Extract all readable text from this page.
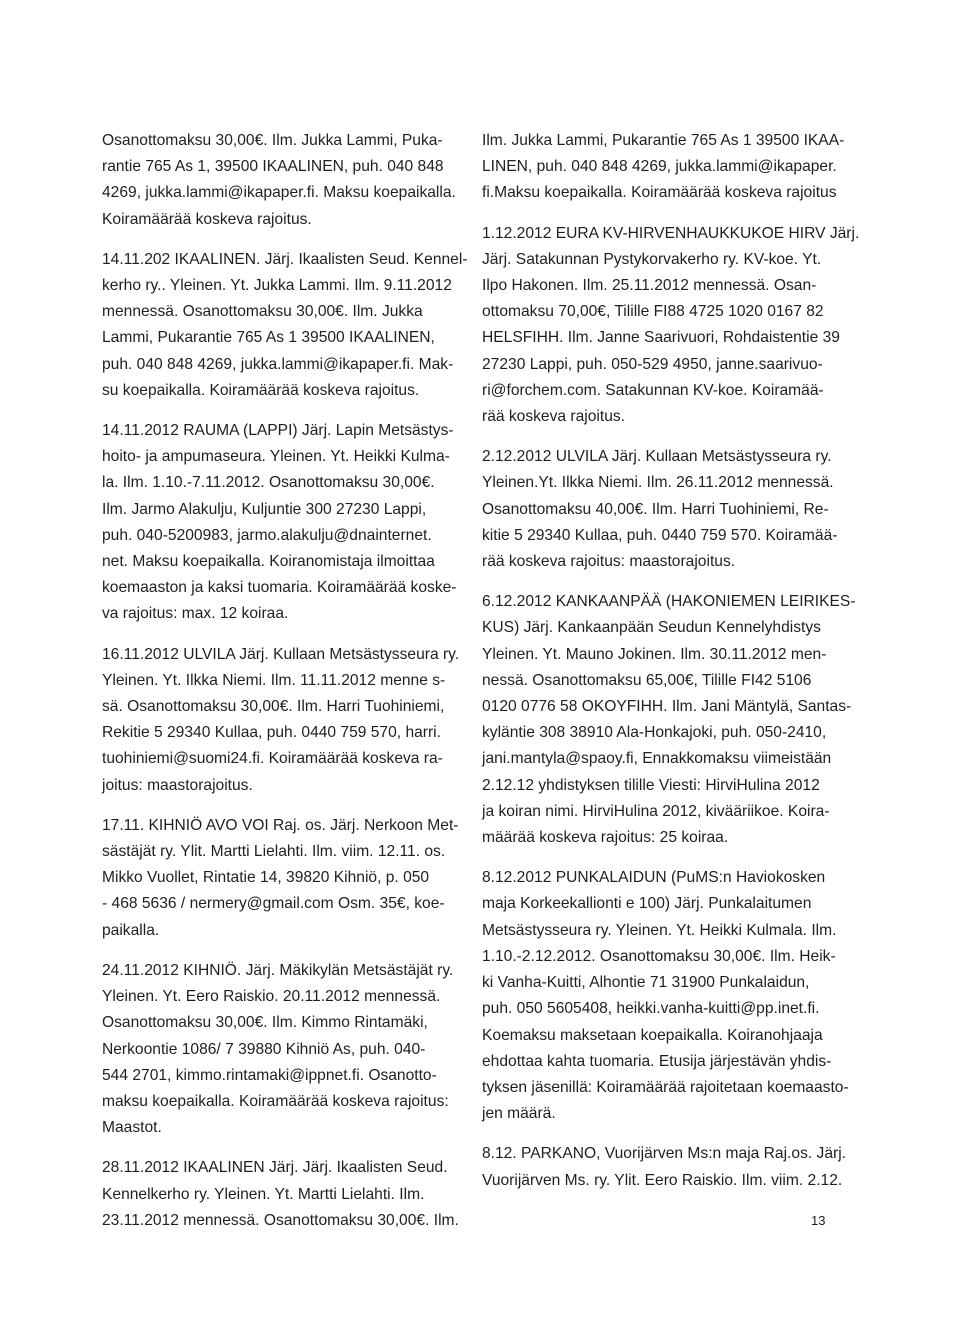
Osanottomaksu 30,00€. Ilm. Jukka Lammi, Puka-
rantie 765 As 1, 39500 IKAALINEN, puh. 040 848
4269, jukka.lammi@ikapaper.fi. Maksu koepaikalla.
Koiramäärää koskeva rajoitus.
14.11.202 IKAALINEN. Järj. Ikaalisten Seud. Kennel-
kerho ry.. Yleinen. Yt. Jukka Lammi. Ilm. 9.11.2012
mennessä. Osanottomaksu 30,00€. Ilm. Jukka
Lammi, Pukarantie 765 As 1 39500 IKAALINEN,
puh. 040 848 4269, jukka.lammi@ikapaper.fi. Mak-
su koepaikalla. Koiramäärää koskeva rajoitus.
14.11.2012 RAUMA (LAPPI) Järj. Lapin Metsästys-
hoito- ja ampumaseura. Yleinen. Yt. Heikki Kulma-
la. Ilm. 1.10.-7.11.2012. Osanottomaksu 30,00€.
Ilm. Jarmo Alakulju, Kuljuntie 300 27230 Lappi,
puh. 040-5200983, jarmo.alakulju@dnainternet.
net. Maksu koepaikalla. Koiranomistaja ilmoittaa
koemaaston ja kaksi tuomaria. Koiramäärää koske-
va rajoitus: max. 12 koiraa.
16.11.2012 ULVILA Järj. Kullaan Metsästysseura ry.
Yleinen. Yt. Ilkka Niemi. Ilm. 11.11.2012 menne s-
sä. Osanottomaksu 30,00€. Ilm. Harri Tuohiniemi,
Rekitie 5 29340 Kullaa, puh. 0440 759 570, harri.
tuohiniemi@suomi24.fi. Koiramäärää koskeva ra-
joitus: maastorajoitus.
17.11. KIHNIÖ AVO VOI Raj. os. Järj. Nerkoon Met-
sästäjät ry. Ylit. Martti Lielahti. Ilm. viim. 12.11. os.
Mikko Vuollet, Rintatie 14, 39820 Kihniö, p. 050
- 468 5636 / nermery@gmail.com Osm. 35€, koe-
paikalla.
24.11.2012 KIHNIÖ. Järj. Mäkikylän Metsästäjät ry.
Yleinen. Yt. Eero Raiskio. 20.11.2012 mennessä.
Osanottomaksu 30,00€. Ilm. Kimmo Rintamäki,
Nerkoontie 1086/ 7 39880 Kihniö As, puh. 040-
544 2701, kimmo.rintamaki@ippnet.fi. Osanotto-
maksu koepaikalla. Koiramäärää koskeva rajoitus:
Maastot.
28.11.2012 IKAALINEN Järj. Järj. Ikaalisten Seud.
Kennelkerho ry. Yleinen. Yt. Martti Lielahti. Ilm.
23.11.2012 mennessä. Osanottomaksu 30,00€. Ilm.
Ilm. Jukka Lammi, Pukarantie 765 As 1 39500 IKAA-
LINEN, puh. 040 848 4269, jukka.lammi@ikapaper.
fi.Maksu koepaikalla. Koiramäärää koskeva rajoitus
1.12.2012 EURA KV-HIRVENHAUKKUKOE HIRV Järj.
Järj. Satakunnan Pystykorvakerho ry. KV-koe. Yt.
Ilpo Hakonen. Ilm. 25.11.2012 mennessä. Osan-
ottomaksu 70,00€, Tilille FI88 4725 1020 0167 82
HELSFIHH. Ilm. Janne Saarivuori, Rohdaistentie 39
27230 Lappi, puh. 050-529 4950, janne.saarivuo-
ri@forchem.com. Satakunnan KV-koe. Koiramää-
rää koskeva rajoitus.
2.12.2012 ULVILA Järj. Kullaan Metsästysseura ry.
Yleinen.Yt. Ilkka Niemi. Ilm. 26.11.2012 mennessä.
Osanottomaksu 40,00€. Ilm. Harri Tuohiniemi, Re-
kitie 5 29340 Kullaa, puh. 0440 759 570. Koiramää-
rää koskeva rajoitus: maastorajoitus.
6.12.2012 KANKAANPÄÄ (HAKONIEMEN LEIRIKES-
KUS) Järj. Kankaanpään Seudun Kennelyhdistys
Yleinen. Yt. Mauno Jokinen. Ilm. 30.11.2012 men-
nessä. Osanottomaksu 65,00€, Tilille FI42 5106
0120 0776 58 OKOYFIHH. Ilm. Jani Mäntylä, Santas-
kyläntie 308 38910 Ala-Honkajoki, puh. 050-2410,
jani.mantyla@spaoy.fi, Ennakkomaksu viimeistään
2.12.12 yhdistyksen tilille Viesti: HirviHulina 2012
ja koiran nimi. HirviHulina 2012, kivääriikoe. Koira-
määrää koskeva rajoitus: 25 koiraa.
8.12.2012 PUNKALAIDUN (PuMS:n Haviokosken
maja Korkeekallionti e 100) Järj. Punkalaitumen
Metsästysseura ry. Yleinen. Yt. Heikki Kulmala. Ilm.
1.10.-2.12.2012. Osanottomaksu 30,00€. Ilm. Heik-
ki Vanha-Kuitti, Alhontie 71 31900 Punkalaidun,
puh. 050 5605408, heikki.vanha-kuitti@pp.inet.fi.
Koemaksu maksetaan koepaikalla. Koiranohjaaja
ehdottaa kahta tuomaria. Etusija järjestävän yhdis-
tyksen jäsenillä: Koiramäärää rajoitetaan koemaasto-
jen määrä.
8.12. PARKANO, Vuorijärven Ms:n maja Raj.os. Järj.
Vuorijärven Ms. ry. Ylit. Eero Raiskio. Ilm. viim. 2.12.
13
